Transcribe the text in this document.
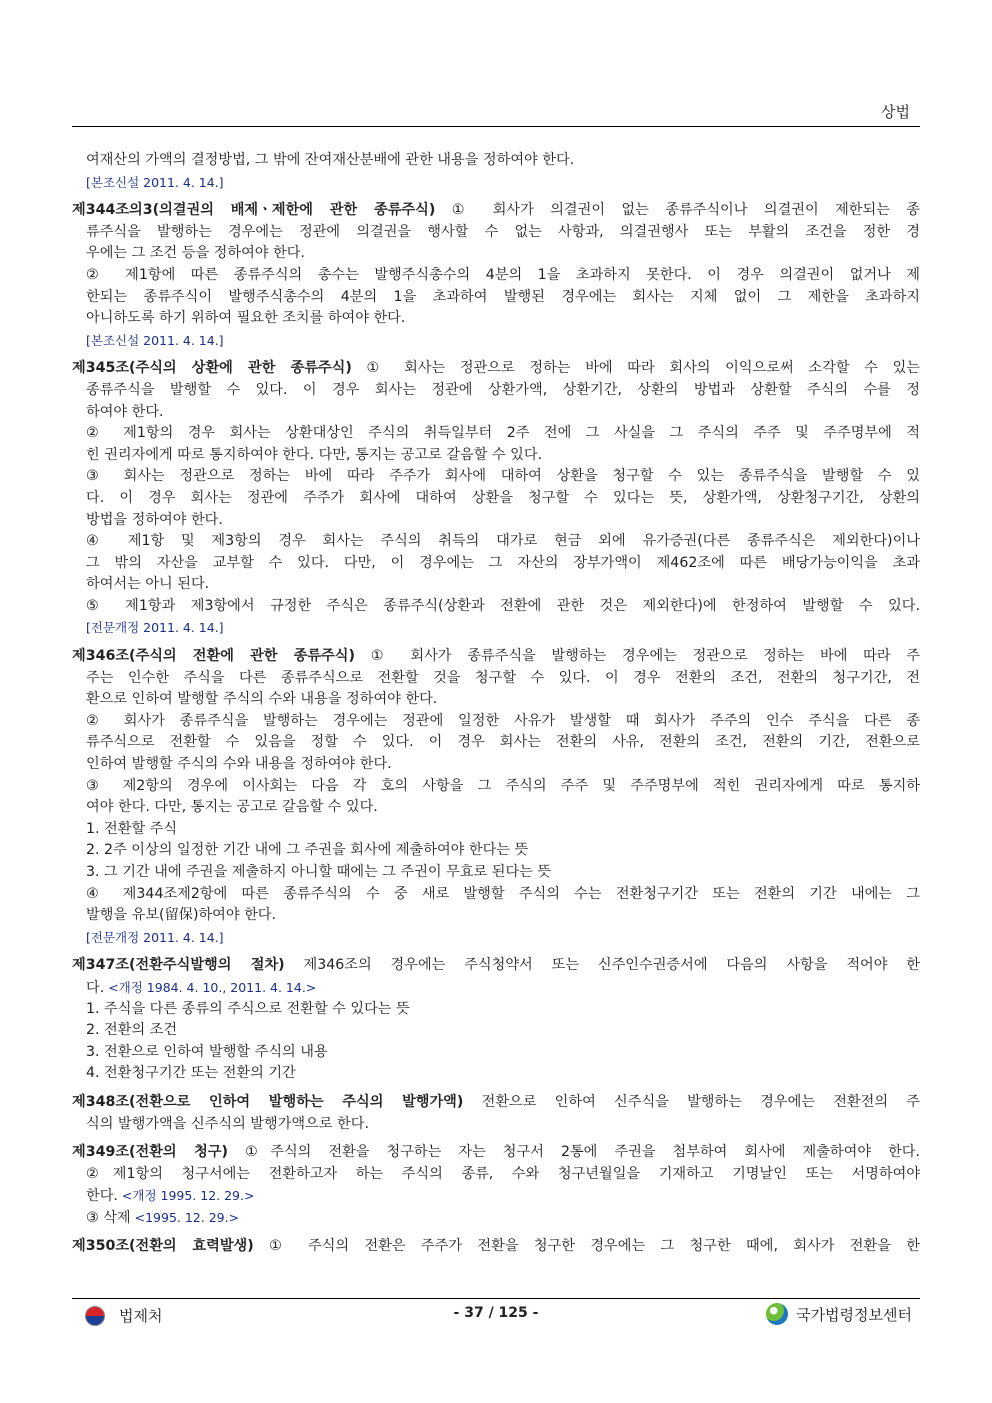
상법
여재산의 가액의 결정방법, 그 밖에 잔여재산분배에 관한 내용을 정하여야 한다.
[본조신설 2011. 4. 14.]
제344조의3(의결권의 배제ㆍ제한에 관한 종류주식) ① 회사가 의결권이 없는 종류주식이나 의결권이 제한되는 종
류주식을 발행하는 경우에는 정관에 의결권을 행사할 수 없는 사항과, 의결권행사 또는 부활의 조건을 정한 경
우에는 그 조건 등을 정하여야 한다.
② 제1항에 따른 종류주식의 총수는 발행주식총수의 4분의 1을 초과하지 못한다. 이 경우 의결권이 없거나 제
한되는 종류주식이 발행주식총수의 4분의 1을 초과하여 발행된 경우에는 회사는 지체 없이 그 제한을 초과하지
아니하도록 하기 위하여 필요한 조치를 하여야 한다.
[본조신설 2011. 4. 14.]
제345조(주식의 상환에 관한 종류주식) ① 회사는 정관으로 정하는 바에 따라 회사의 이익으로써 소각할 수 있는
종류주식을 발행할 수 있다. 이 경우 회사는 정관에 상환가액, 상환기간, 상환의 방법과 상환할 주식의 수를 정
하여야 한다.
② 제1항의 경우 회사는 상환대상인 주식의 취득일부터 2주 전에 그 사실을 그 주식의 주주 및 주주명부에 적
힌 권리자에게 따로 통지하여야 한다. 다만, 통지는 공고로 갈음할 수 있다.
③ 회사는 정관으로 정하는 바에 따라 주주가 회사에 대하여 상환을 청구할 수 있는 종류주식을 발행할 수 있
다. 이 경우 회사는 정관에 주주가 회사에 대하여 상환을 청구할 수 있다는 뜻, 상환가액, 상환청구기간, 상환의
방법을 정하여야 한다.
④ 제1항 및 제3항의 경우 회사는 주식의 취득의 대가로 현금 외에 유가증권(다른 종류주식은 제외한다)이나
그 밖의 자산을 교부할 수 있다. 다만, 이 경우에는 그 자산의 장부가액이 제462조에 따른 배당가능이익을 초과
하여서는 아니 된다.
⑤ 제1항과 제3항에서 규정한 주식은 종류주식(상환과 전환에 관한 것은 제외한다)에 한정하여 발행할 수 있다.
[전문개정 2011. 4. 14.]
제346조(주식의 전환에 관한 종류주식) ① 회사가 종류주식을 발행하는 경우에는 정관으로 정하는 바에 따라 주
주는 인수한 주식을 다른 종류주식으로 전환할 것을 청구할 수 있다. 이 경우 전환의 조건, 전환의 청구기간, 전
환으로 인하여 발행할 주식의 수와 내용을 정하여야 한다.
② 회사가 종류주식을 발행하는 경우에는 정관에 일정한 사유가 발생할 때 회사가 주주의 인수 주식을 다른 종
류주식으로 전환할 수 있음을 정할 수 있다. 이 경우 회사는 전환의 사유, 전환의 조건, 전환의 기간, 전환으로
인하여 발행할 주식의 수와 내용을 정하여야 한다.
③ 제2항의 경우에 이사회는 다음 각 호의 사항을 그 주식의 주주 및 주주명부에 적힌 권리자에게 따로 통지하
여야 한다. 다만, 통지는 공고로 갈음할 수 있다.
1. 전환할 주식
2. 2주 이상의 일정한 기간 내에 그 주권을 회사에 제출하여야 한다는 뜻
3. 그 기간 내에 주권을 제출하지 아니할 때에는 그 주권이 무효로 된다는 뜻
④ 제344조제2항에 따른 종류주식의 수 중 새로 발행할 주식의 수는 전환청구기간 또는 전환의 기간 내에는 그
발행을 유보(留保)하여야 한다.
[전문개정 2011. 4. 14.]
제347조(전환주식발행의 절차) 제346조의 경우에는 주식청약서 또는 신주인수권증서에 다음의 사항을 적어야 한
다. <개정 1984. 4. 10., 2011. 4. 14.>
1. 주식을 다른 종류의 주식으로 전환할 수 있다는 뜻
2. 전환의 조건
3. 전환으로 인하여 발행할 주식의 내용
4. 전환청구기간 또는 전환의 기간
제348조(전환으로 인하여 발행하는 주식의 발행가액) 전환으로 인하여 신주식을 발행하는 경우에는 전환전의 주
식의 발행가액을 신주식의 발행가액으로 한다.
제349조(전환의 청구) ①주식의 전환을 청구하는 자는 청구서 2통에 주권을 첨부하여 회사에 제출하여야 한다.
②제1항의 청구서에는 전환하고자 하는 주식의 종류, 수와 청구년월일을 기재하고 기명날인 또는 서명하여야
한다. <개정 1995. 12. 29.>
③ 삭제 <1995. 12. 29.>
제350조(전환의 효력발생) ① 주식의 전환은 주주가 전환을 청구한 경우에는 그 청구한 때에, 회사가 전환을 한
법제처	- 37 / 125 -	국가법령정보센터
